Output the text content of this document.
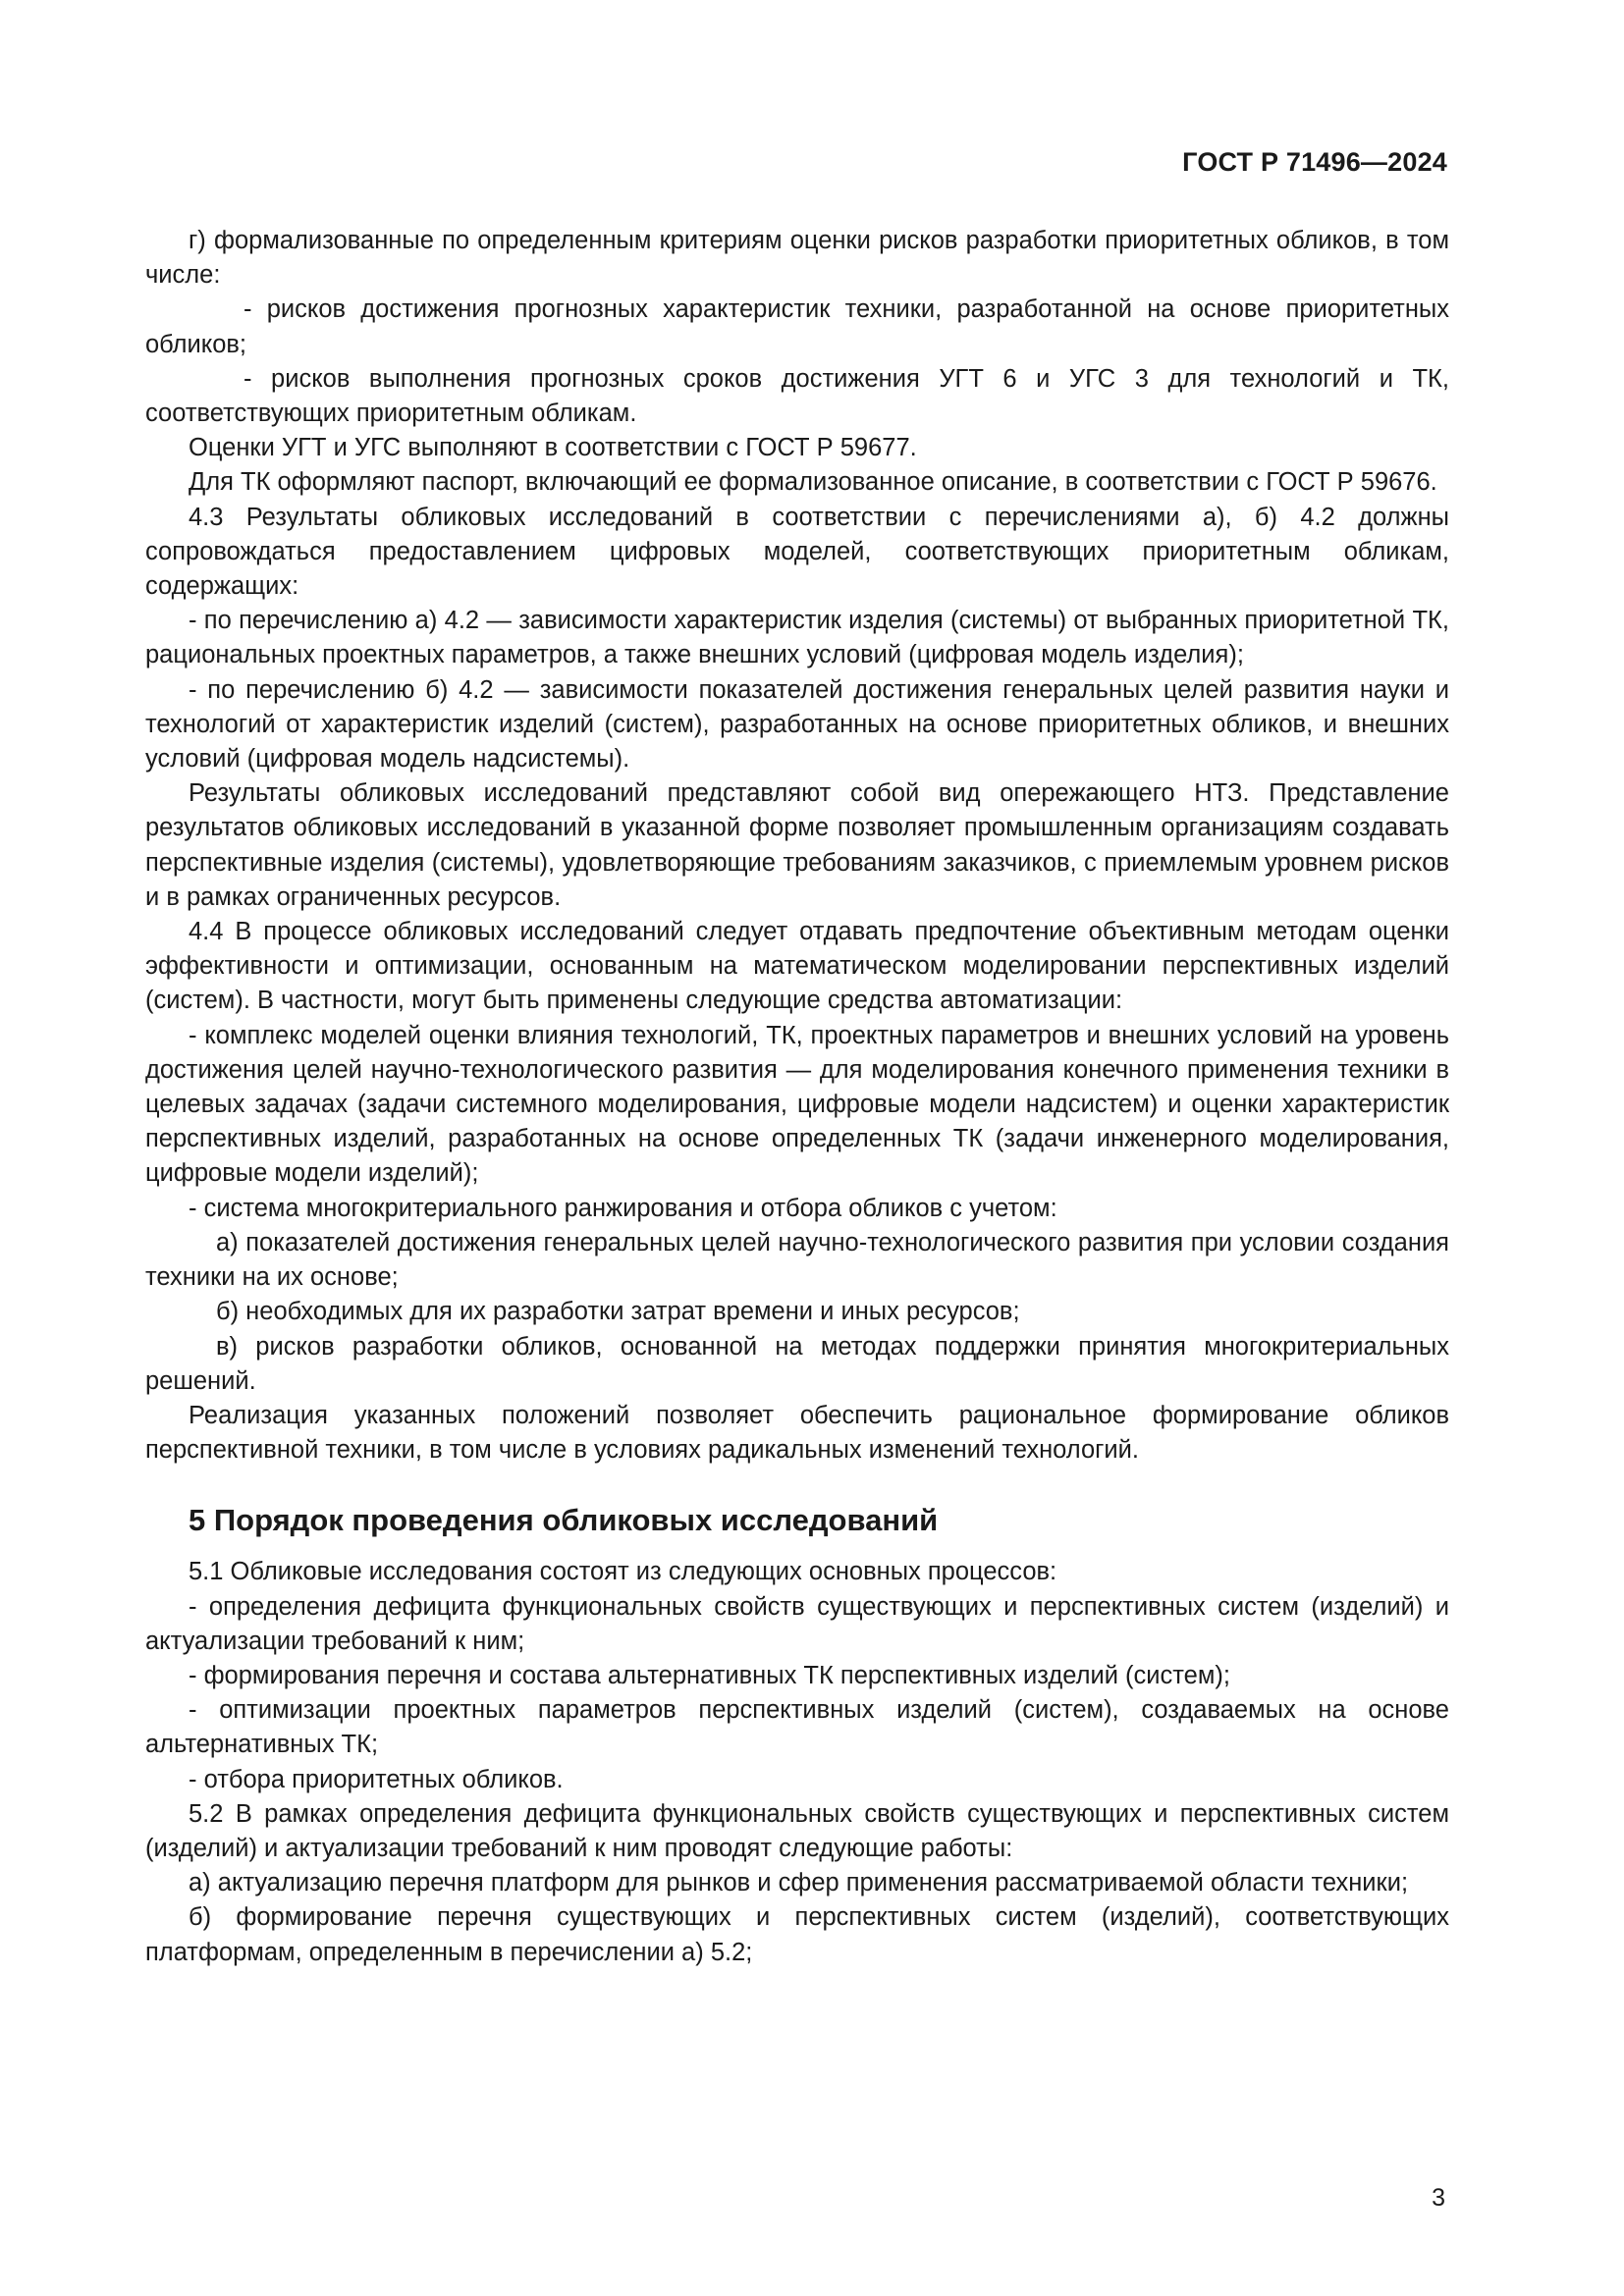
ГОСТ Р 71496—2024

г) формализованные по определенным критериям оценки рисков разработки приоритетных обликов, в том числе:

- рисков достижения прогнозных характеристик техники, разработанной на основе приоритетных обликов;

- рисков выполнения прогнозных сроков достижения УГТ 6 и УГС 3 для технологий и ТК, соответствующих приоритетным обликам.

Оценки УГТ и УГС выполняют в соответствии с ГОСТ Р 59677.

Для ТК оформляют паспорт, включающий ее формализованное описание, в соответствии с ГОСТ Р 59676.

4.3 Результаты обликовых исследований в соответствии с перечислениями а), б) 4.2 должны сопровождаться предоставлением цифровых моделей, соответствующих приоритетным обликам, содержащих:

- по перечислению а) 4.2 — зависимости характеристик изделия (системы) от выбранных приоритетной ТК, рациональных проектных параметров, а также внешних условий (цифровая модель изделия);

- по перечислению б) 4.2 — зависимости показателей достижения генеральных целей развития науки и технологий от характеристик изделий (систем), разработанных на основе приоритетных обликов, и внешних условий (цифровая модель надсистемы).

Результаты обликовых исследований представляют собой вид опережающего НТЗ. Представление результатов обликовых исследований в указанной форме позволяет промышленным организациям создавать перспективные изделия (системы), удовлетворяющие требованиям заказчиков, с приемлемым уровнем рисков и в рамках ограниченных ресурсов.

4.4 В процессе обликовых исследований следует отдавать предпочтение объективным методам оценки эффективности и оптимизации, основанным на математическом моделировании перспективных изделий (систем). В частности, могут быть применены следующие средства автоматизации:

- комплекс моделей оценки влияния технологий, ТК, проектных параметров и внешних условий на уровень достижения целей научно-технологического развития — для моделирования конечного применения техники в целевых задачах (задачи системного моделирования, цифровые модели надсистем) и оценки характеристик перспективных изделий, разработанных на основе определенных ТК (задачи инженерного моделирования, цифровые модели изделий);

- система многокритериального ранжирования и отбора обликов с учетом:

а) показателей достижения генеральных целей научно-технологического развития при условии создания техники на их основе;

б) необходимых для их разработки затрат времени и иных ресурсов;

в) рисков разработки обликов, основанной на методах поддержки принятия многокритериальных решений.

Реализация указанных положений позволяет обеспечить рациональное формирование обликов перспективной техники, в том числе в условиях радикальных изменений технологий.

5 Порядок проведения обликовых исследований

5.1 Обликовые исследования состоят из следующих основных процессов:

- определения дефицита функциональных свойств существующих и перспективных систем (изделий) и актуализации требований к ним;

- формирования перечня и состава альтернативных ТК перспективных изделий (систем);

- оптимизации проектных параметров перспективных изделий (систем), создаваемых на основе альтернативных ТК;

- отбора приоритетных обликов.

5.2 В рамках определения дефицита функциональных свойств существующих и перспективных систем (изделий) и актуализации требований к ним проводят следующие работы:

а) актуализацию перечня платформ для рынков и сфер применения рассматриваемой области техники;

б) формирование перечня существующих и перспективных систем (изделий), соответствующих платформам, определенным в перечислении а) 5.2;

3
